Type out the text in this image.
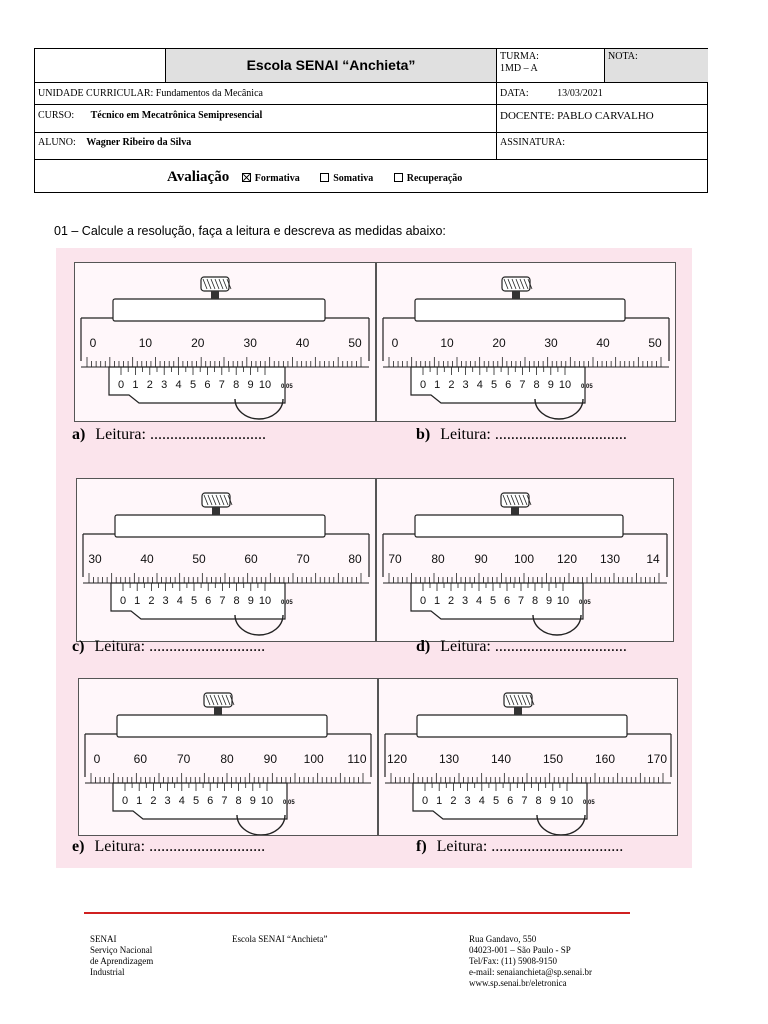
Escola SENAI “Anchieta”
TURMA:
1MD – A
NOTA:
UNIDADE CURRICULAR: Fundamentos da Mecânica	DATA:	13/03/2021
CURSO: Técnico em Mecatrônica Semipresencial	DOCENTE: PABLO CARVALHO
ALUNO: Wagner Ribeiro da Silva	ASSINATURA:
Avaliação	Formativa	Somativa	Recuperação
01 – Calcule a resolução, faça a leitura e descreva as medidas abaixo:
0	10	20	30	40	50
0 1 2 3 4 5 6 7 8 9 10 0,05
0	10	20	30	40	50
0 1 2 3 4 5 6 7 8 9 10 0,05
a) Leitura: .............................	b) Leitura: .................................
30	40	50	60	70	80
0 1 2 3 4 5 6 7 8 9 10 0,05
70 80 90 100 120 130 14
0 1 2 3 4 5 6 7 8 9 10 0,05
c) Leitura: .............................	d) Leitura: .................................
0	60 70 80 90 100 110
0 1 2 3 4 5 6 7 8 9 10 0,05
120	130	140	150	160	170
0 1 2 3 4 5 6 7 8 9 10 0,05
e) Leitura: .............................	f) Leitura: .................................
SENAI
Serviço Nacional
de Aprendizagem
Industrial
Escola SENAI “Anchieta”	Rua Gandavo, 550
04023-001 – São Paulo - SP
Tel/Fax: (11) 5908-9150
e-mail: senaianchieta@sp.senai.br
www.sp.senai.br/eletronica
